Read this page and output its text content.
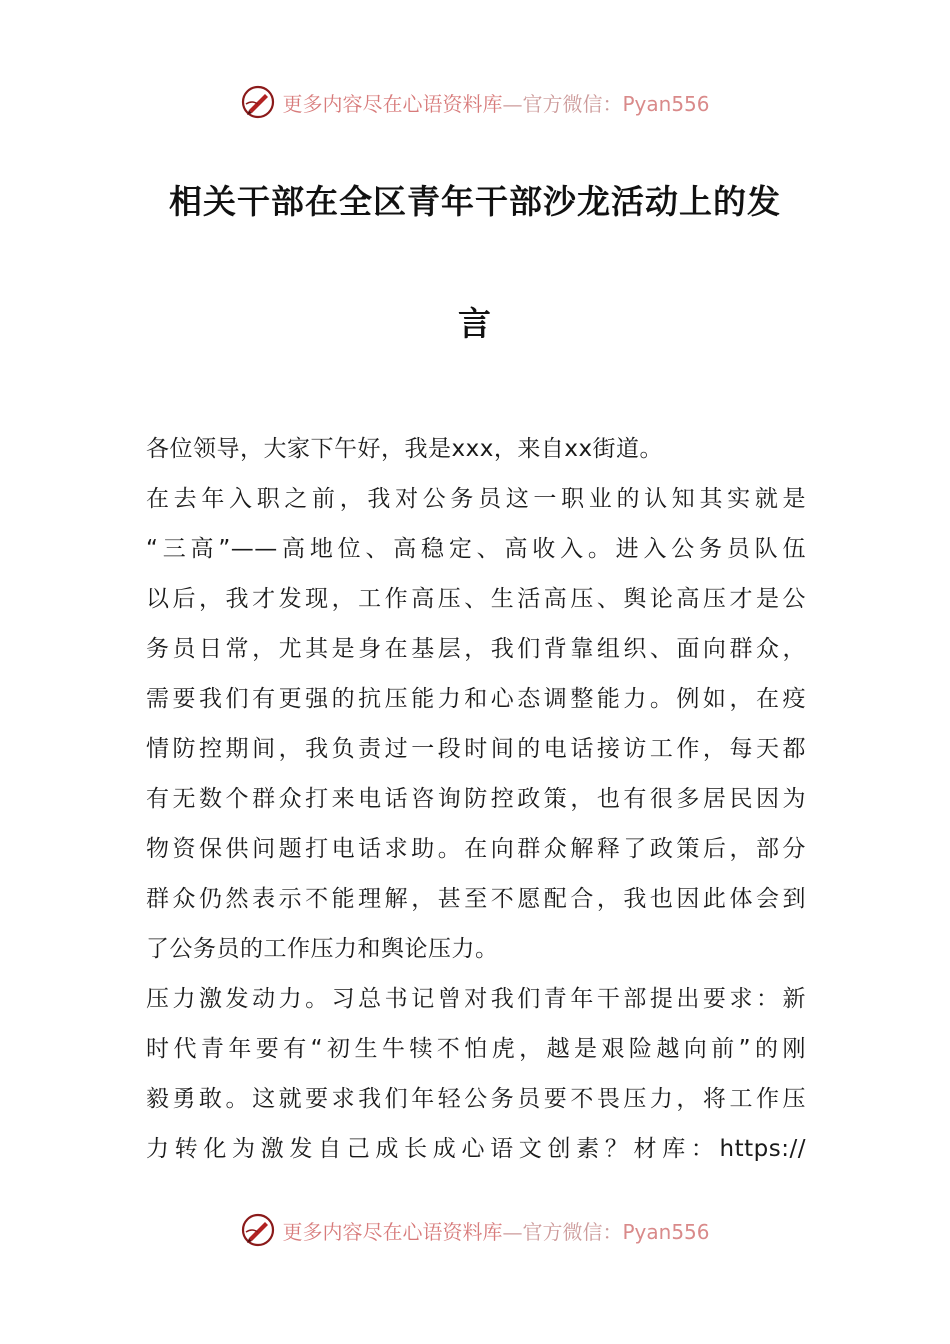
更多内容尽在心语资料库—官方微信：Pyan556
相关干部在全区青年干部沙龙活动上的发
言
各位领导，大家下午好，我是xxx，来自xx街道。
在去年入职之前，我对公务员这一职业的认知其实就是
“三高”——高地位、高稳定、高收入。进入公务员队伍
以后，我才发现，工作高压、生活高压、舆论高压才是公
务员日常，尤其是身在基层，我们背靠组织、面向群众，
需要我们有更强的抗压能力和心态调整能力。例如，在疫
情防控期间，我负责过一段时间的电话接访工作，每天都
有无数个群众打来电话咨询防控政策，也有很多居民因为
物资保供问题打电话求助。在向群众解释了政策后，部分
群众仍然表示不能理解，甚至不愿配合，我也因此体会到
了公务员的工作压力和舆论压力。
压力激发动力。习总书记曾对我们青年干部提出要求：新
时代青年要有“初生牛犊不怕虎，越是艰险越向前”的刚
毅勇敢。这就要求我们年轻公务员要不畏压力，将工作压
力转化为激发自己成长成心语文创素？材库：https://
更多内容尽在心语资料库—官方微信：Pyan556
